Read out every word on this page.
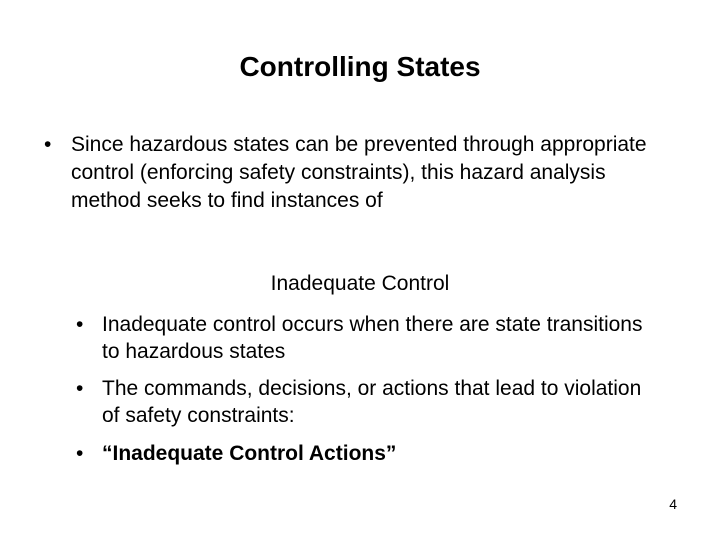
Controlling States
• Since hazardous states can be prevented through appropriate control (enforcing safety constraints), this hazard analysis method seeks to find instances of
Inadequate Control
• Inadequate control occurs when there are state transitions to hazardous states
• The commands, decisions, or actions that lead to violation of safety constraints:
• “Inadequate Control Actions”
4
